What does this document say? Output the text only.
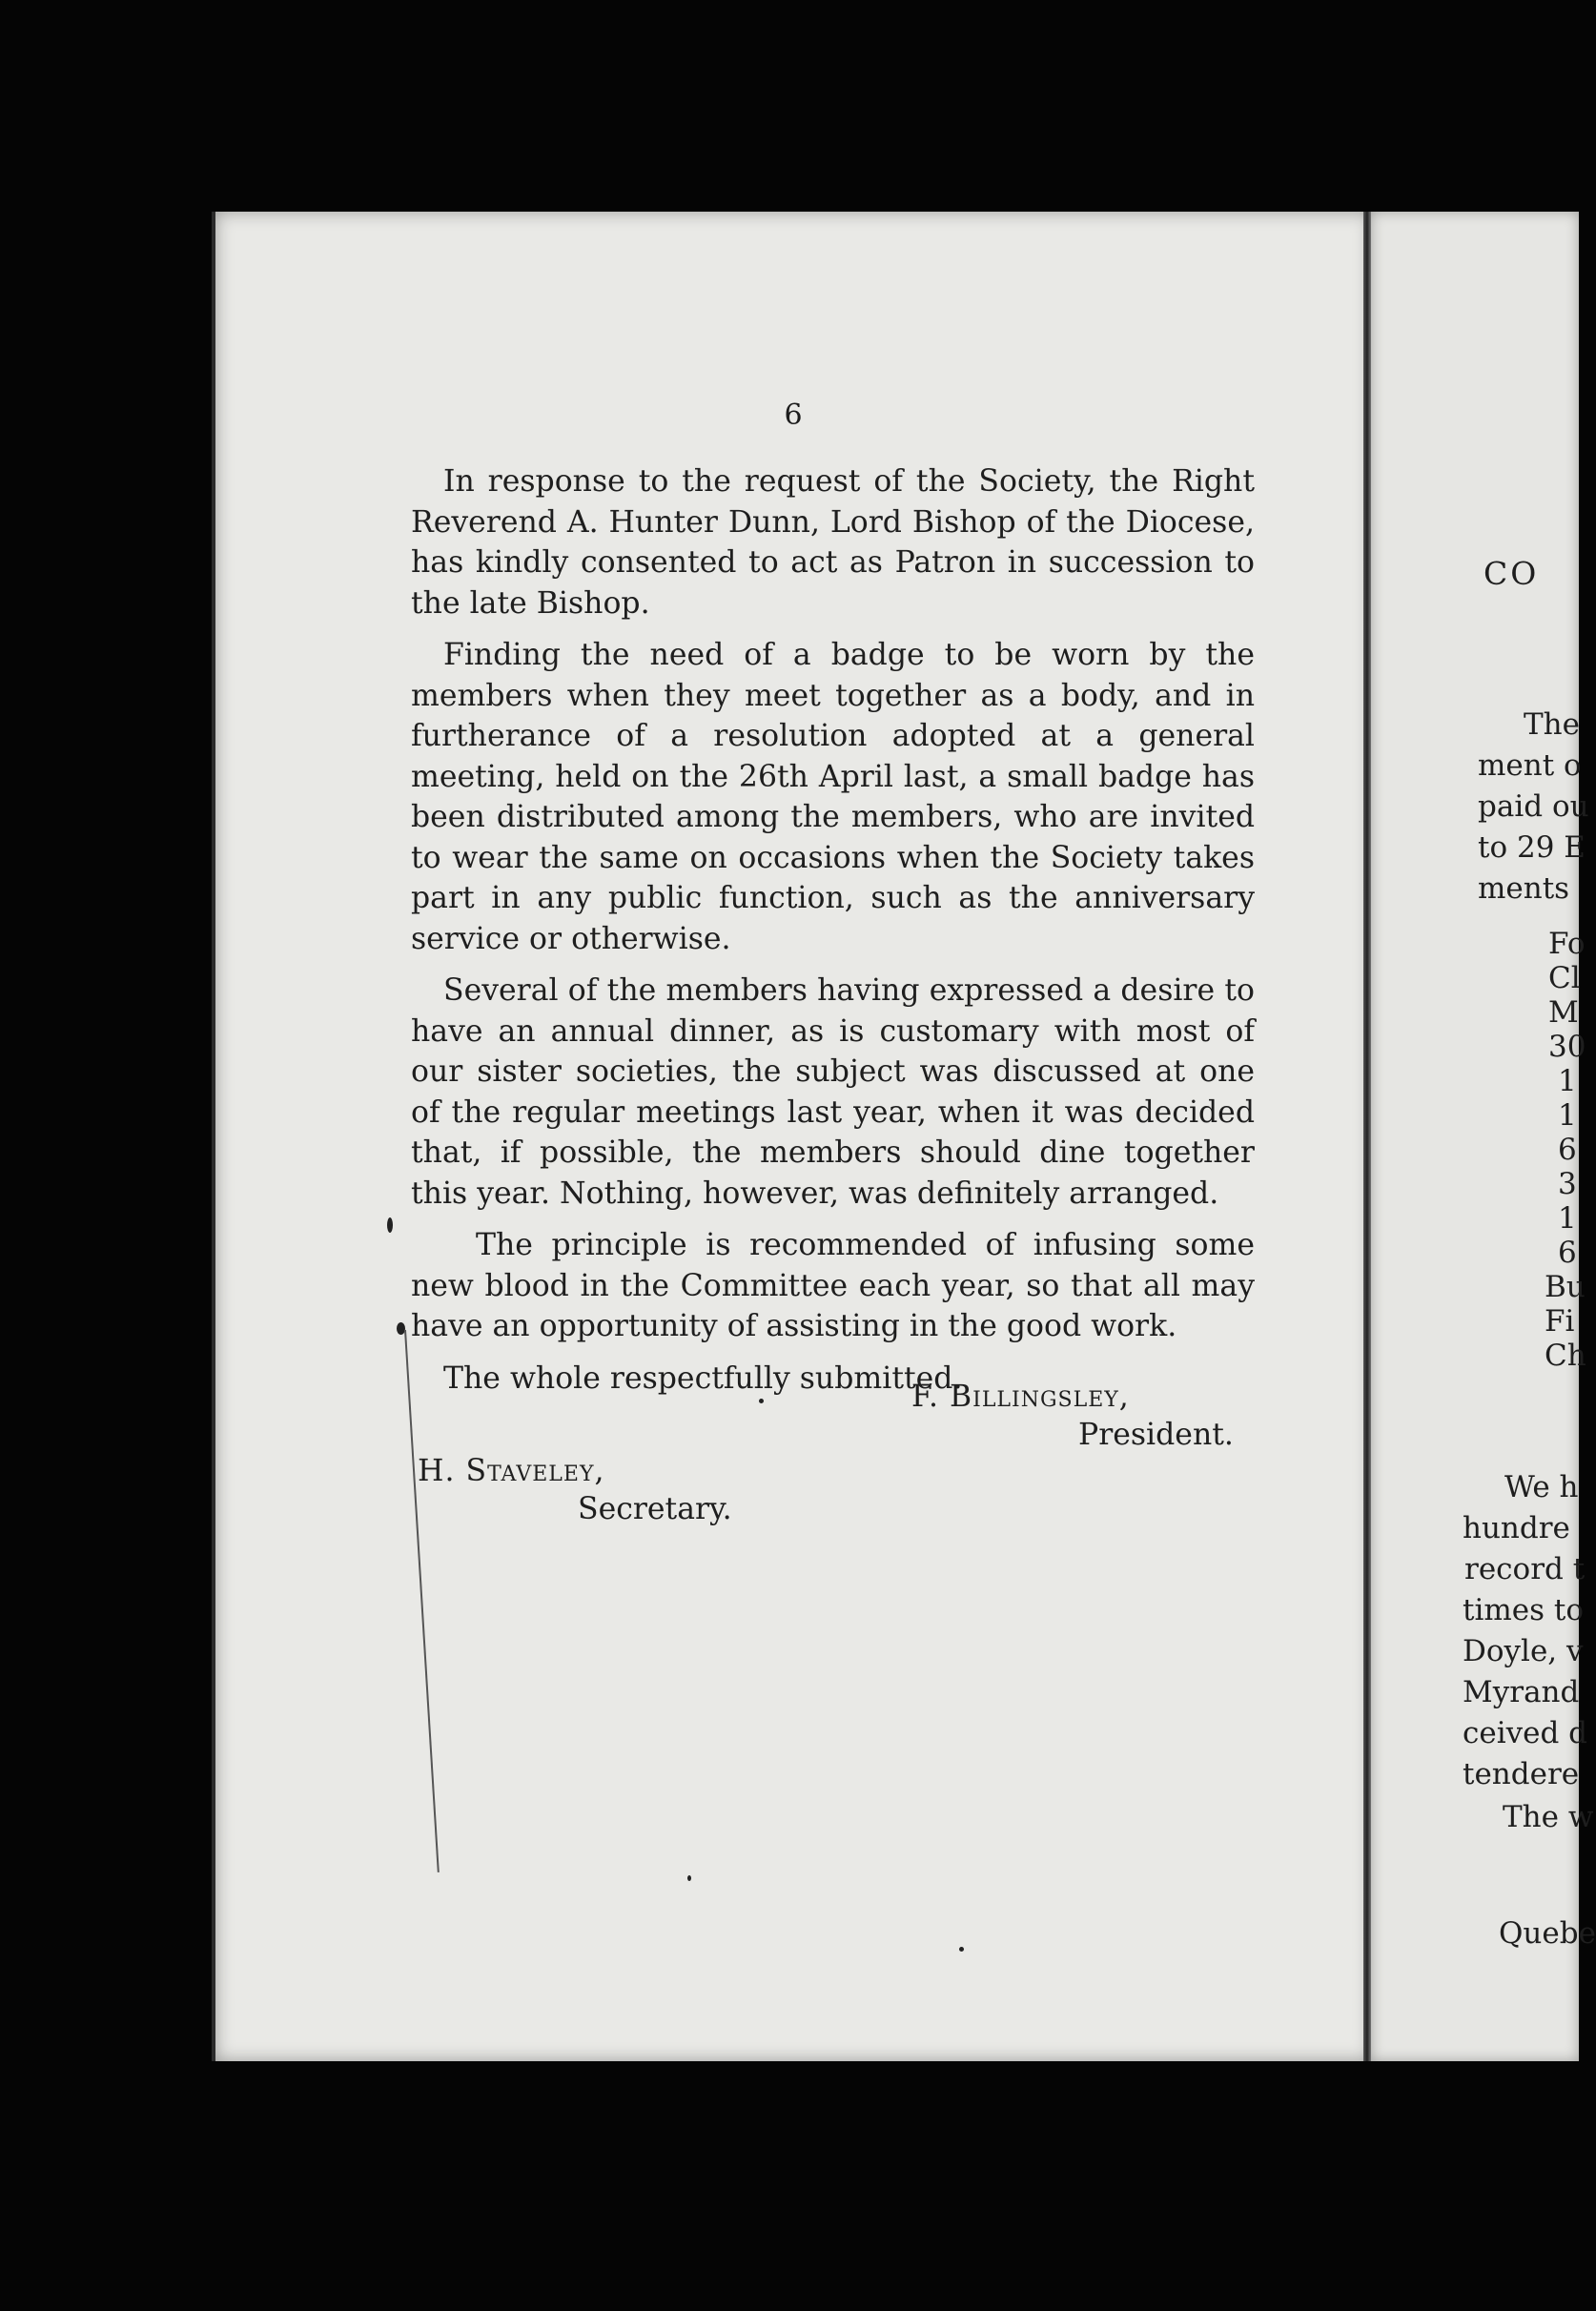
6

In response to the request of the Society, the Right Reverend A. Hunter Dunn, Lord Bishop of the Diocese, has kindly consented to act as Patron in succession to the late Bishop.

Finding the need of a badge to be worn by the members when they meet together as a body, and in furtherance of a resolution adopted at a general meeting, held on the 26th April last, a small badge has been distributed among the members, who are invited to wear the same on occasions when the Society takes part in any public function, such as the anniversary service or otherwise.

Several of the members having expressed a desire to have an annual dinner, as is customary with most of our sister societies, the subject was discussed at one of the regular meetings last year, when it was decided that, if possible, the members should dine together this year. Nothing, however, was definitely arranged.

The principle is recommended of infusing some new blood in the Committee each year, so that all may have an opportunity of assisting in the good work.

The whole respectfully submitted.

F. Billingsley,
President.
H. Staveley,
Secretary.
CO
The
ment o
paid ou
to 29 E
ments
Fo
Cl
M
30
1
1
6
3
1
6
Bu
Fi
Ch
We h
hundre
record t
times to
Doyle, v
Myrand
ceived d
tendere
The w
Quebe
